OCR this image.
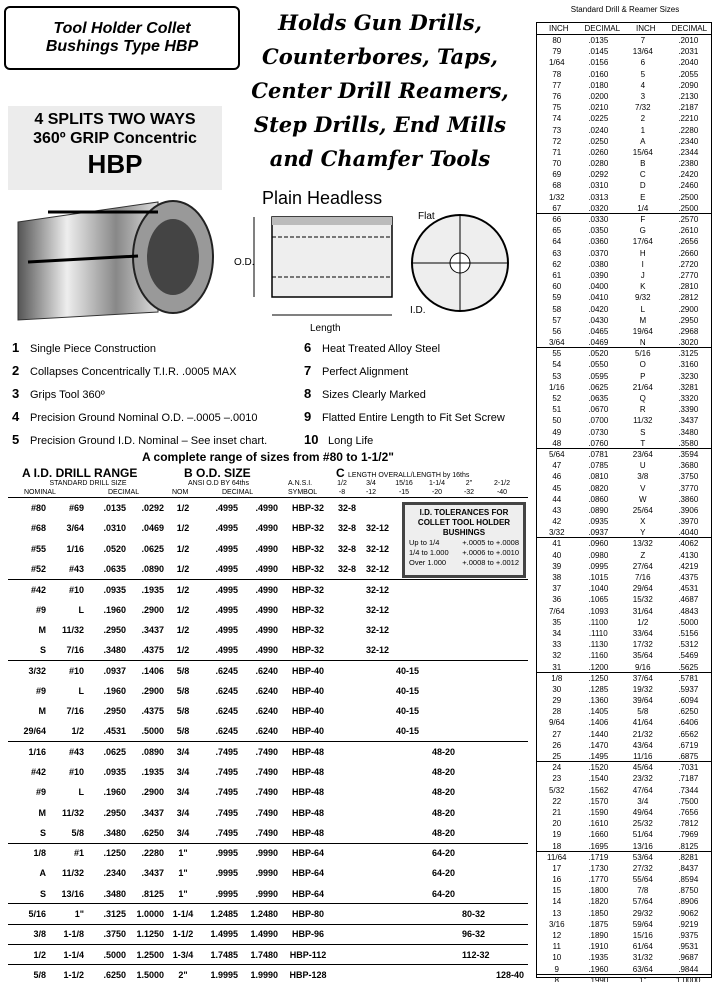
Tool Holder Collet
Bushings Type HBP
Holds Gun Drills,
Counterbores, Taps,
Center Drill Reamers,
Step Drills, End Mills
and Chamfer Tools
4 SPLITS TWO WAYS
360º GRIP Concentric
HBP
Plain Headless
O.D.
Length
Flat
I.D.
1 Single Piece Construction
2 Collapses Concentrically T.I.R. .0005 MAX
3 Grips Tool 360º
4 Precision Ground Nominal O.D. –.0005 –.0010
5 Precision Ground I.D. Nominal – See inset chart.
6 Heat Treated Alloy Steel
7 Perfect Alignment
8 Sizes Clearly Marked
9 Flatted Entire Length to Fit Set Screw
10 Long Life
A complete range of sizes from #80 to 1-1/2"
A I.D. DRILL RANGE
STANDARD DRILL SIZE
NOMINAL	DECIMAL
B O.D. SIZE
ANSI O.D BY 64ths
NOM	DECIMAL
A.N.S.I.
SYMBOL
C LENGTH OVERALL/LENGTH by 16ths
1/2
-8
3/4
-12
15/16
-15
1-1/4
-20
2"
-32
2-1/2
-40
#80	#69	.0135	.0292	1/2	.4995	.4990	HBP-32	32-8					
#68	3/64	.0310	.0469	1/2	.4995	.4990	HBP-32	32-8	32-12				
#55	1/16	.0520	.0625	1/2	.4995	.4990	HBP-32	32-8	32-12				
#52	#43	.0635	.0890	1/2	.4995	.4990	HBP-32	32-8	32-12				
#42	#10	.0935	.1935	1/2	.4995	.4990	HBP-32		32-12				
#9	L	.1960	.2900	1/2	.4995	.4990	HBP-32		32-12				
M	11/32	.2950	.3437	1/2	.4995	.4990	HBP-32		32-12				
S	7/16	.3480	.4375	1/2	.4995	.4990	HBP-32		32-12				
3/32	#10	.0937	.1406	5/8	.6245	.6240	HBP-40			40-15			
#9	L	.1960	.2900	5/8	.6245	.6240	HBP-40			40-15			
M	7/16	.2950	.4375	5/8	.6245	.6240	HBP-40			40-15			
29/64	1/2	.4531	.5000	5/8	.6245	.6240	HBP-40			40-15			
1/16	#43	.0625	.0890	3/4	.7495	.7490	HBP-48				48-20		
#42	#10	.0935	.1935	3/4	.7495	.7490	HBP-48				48-20		
#9	L	.1960	.2900	3/4	.7495	.7490	HBP-48				48-20		
M	11/32	.2950	.3437	3/4	.7495	.7490	HBP-48				48-20		
S	5/8	.3480	.6250	3/4	.7495	.7490	HBP-48				48-20		
1/8	#1	.1250	.2280	1"	.9995	.9990	HBP-64				64-20		
A	11/32	.2340	.3437	1"	.9995	.9990	HBP-64				64-20		
S	13/16	.3480	.8125	1"	.9995	.9990	HBP-64				64-20		
5/16	1"	.3125	1.0000	1-1/4	1.2485	1.2480	HBP-80					80-32	
3/8	1-1/8	.3750	1.1250	1-1/2	1.4995	1.4990	HBP-96					96-32	
1/2	1-1/4	.5000	1.2500	1-3/4	1.7485	1.7480	HBP-112					112-32	
5/8	1-1/2	.6250	1.5000	2"	1.9995	1.9990	HBP-128						128-40
I.D. TOLERANCES FOR COLLET TOOL HOLDER BUSHINGS
Up to 1/4	+.0005 to +.0008
1/4 to 1.000 +.0006 to +.0010
Over 1.000 +.0008 to +.0012
Standard Drill & Reamer Sizes
INCH	DECIMAL	INCH	DECIMAL
80	.0135	7	.2010
79	.0145	13/64	.2031
1/64	.0156	6	.2040
78	.0160	5	.2055
77	.0180	4	.2090
76	.0200	3	.2130
75	.0210	7/32	.2187
74	.0225	2	.2210
73	.0240	1	.2280
72	.0250	A	.2340
71	.0260	15/64	.2344
70	.0280	B	.2380
69	.0292	C	.2420
68	.0310	D	.2460
1/32	.0313	E	.2500
67	.0320	1/4	.2500
66	.0330	F	.2570
65	.0350	G	.2610
64	.0360	17/64	.2656
63	.0370	H	.2660
62	.0380	I	.2720
61	.0390	J	.2770
60	.0400	K	.2810
59	.0410	9/32	.2812
58	.0420	L	.2900
57	.0430	M	.2950
56	.0465	19/64	.2968
3/64	.0469	N	.3020
55	.0520	5/16	.3125
54	.0550	O	.3160
53	.0595	P	.3230
1/16	.0625	21/64	.3281
52	.0635	Q	.3320
51	.0670	R	.3390
50	.0700	11/32	.3437
49	.0730	S	.3480
48	.0760	T	.3580
5/64	.0781	23/64	.3594
47	.0785	U	.3680
46	.0810	3/8	.3750
45	.0820	V	.3770
44	.0860	W	.3860
43	.0890	25/64	.3906
42	.0935	X	.3970
3/32	.0937	Y	.4040
41	.0960	13/32	.4062
40	.0980	Z	.4130
39	.0995	27/64	.4219
38	.1015	7/16	.4375
37	.1040	29/64	.4531
36	.1065	15/32	.4687
7/64	.1093	31/64	.4843
35	.1100	1/2	.5000
34	.1110	33/64	.5156
33	.1130	17/32	.5312
32	.1160	35/64	.5469
31	.1200	9/16	.5625
1/8	.1250	37/64	.5781
30	.1285	19/32	.5937
29	.1360	39/64	.6094
28	.1405	5/8	.6250
9/64	.1406	41/64	.6406
27	.1440	21/32	.6562
26	.1470	43/64	.6719
25	.1495	11/16	.6875
24	.1520	45/64	.7031
23	.1540	23/32	.7187
5/32	.1562	47/64	.7344
22	.1570	3/4	.7500
21	.1590	49/64	.7656
20	.1610	25/32	.7812
19	.1660	51/64	.7969
18	.1695	13/16	.8125
11/64	.1719	53/64	.8281
17	.1730	27/32	.8437
16	.1770	55/64	.8594
15	.1800	7/8	.8750
14	.1820	57/64	.8906
13	.1850	29/32	.9062
3/16	.1875	59/64	.9219
12	.1890	15/16	.9375
11	.1910	61/64	.9531
10	.1935	31/32	.9687
9	.1960	63/64	.9844
8	.1990	1"	1.0000
